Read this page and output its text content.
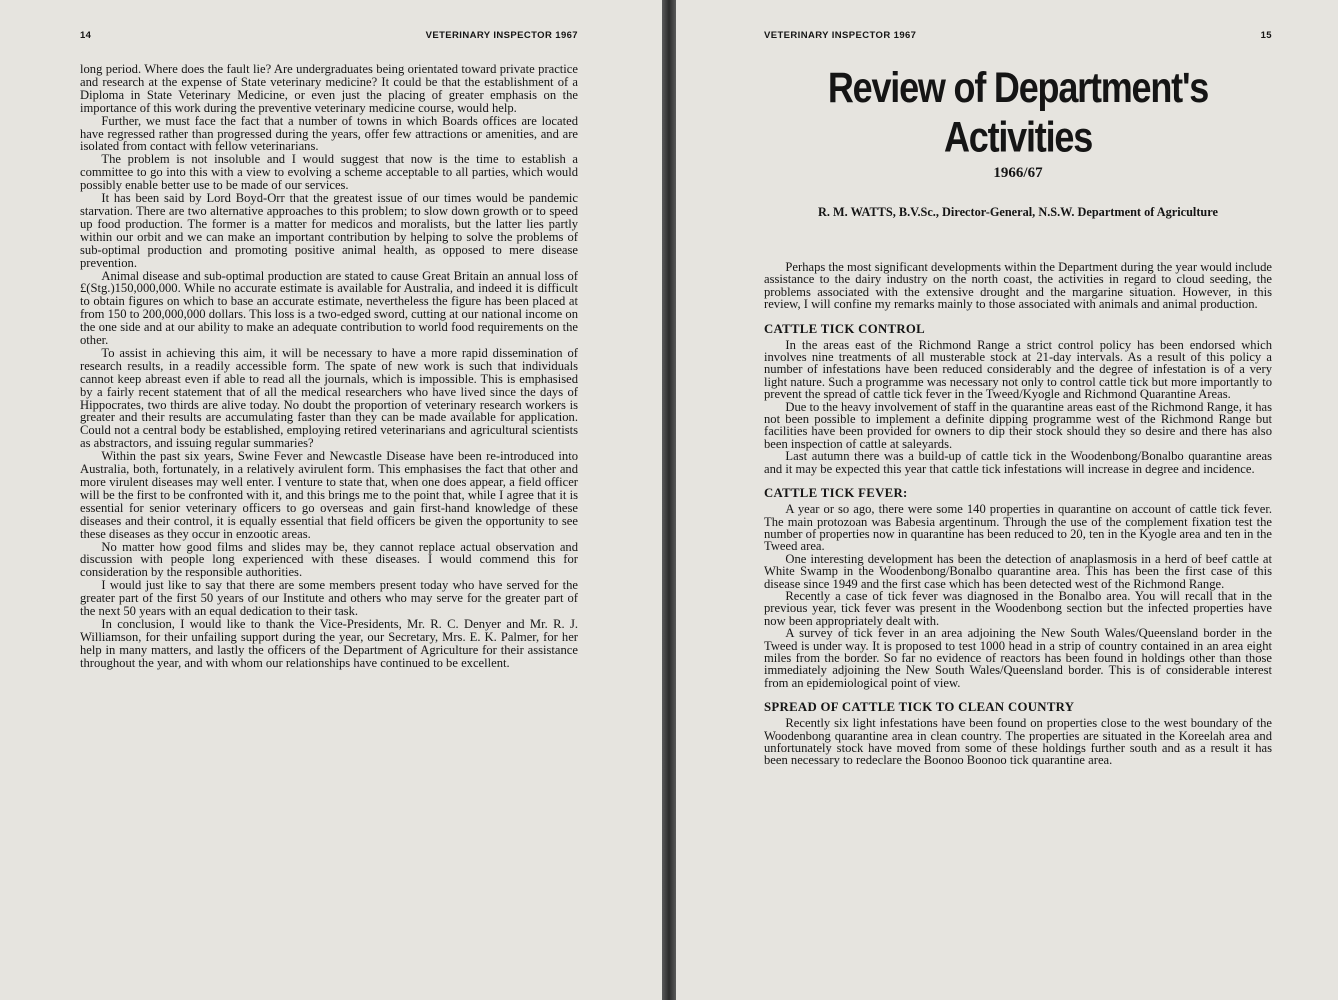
14	VETERINARY INSPECTOR 1967

long period. Where does the fault lie? Are undergraduates being orientated toward private practice and research at the expense of State veterinary medicine? It could be that the establishment of a Diploma in State Veterinary Medicine, or even just the placing of greater emphasis on the importance of this work during the preventive veterinary medicine course, would help.

Further, we must face the fact that a number of towns in which Boards offices are located have regressed rather than progressed during the years, offer few attractions or amenities, and are isolated from contact with fellow veterinarians.

The problem is not insoluble and I would suggest that now is the time to establish a committee to go into this with a view to evolving a scheme acceptable to all parties, which would possibly enable better use to be made of our services.

It has been said by Lord Boyd-Orr that the greatest issue of our times would be pandemic starvation. There are two alternative approaches to this problem; to slow down growth or to speed up food production. The former is a matter for medicos and moralists, but the latter lies partly within our orbit and we can make an important contribution by helping to solve the problems of sub-optimal production and promoting positive animal health, as opposed to mere disease prevention.

Animal disease and sub-optimal production are stated to cause Great Britain an annual loss of £(Stg.)150,000,000. While no accurate estimate is available for Australia, and indeed it is difficult to obtain figures on which to base an accurate estimate, nevertheless the figure has been placed at from 150 to 200,000,000 dollars. This loss is a two-edged sword, cutting at our national income on the one side and at our ability to make an adequate contribution to world food requirements on the other.

To assist in achieving this aim, it will be necessary to have a more rapid dissemination of research results, in a readily accessible form. The spate of new work is such that individuals cannot keep abreast even if able to read all the journals, which is impossible. This is emphasised by a fairly recent statement that of all the medical researchers who have lived since the days of Hippocrates, two thirds are alive today. No doubt the proportion of veterinary research workers is greater and their results are accumulating faster than they can be made available for application. Could not a central body be established, employing retired veterinarians and agricultural scientists as abstractors, and issuing regular summaries?

Within the past six years, Swine Fever and Newcastle Disease have been re-introduced into Australia, both, fortunately, in a relatively avirulent form. This emphasises the fact that other and more virulent diseases may well enter. I venture to state that, when one does appear, a field officer will be the first to be confronted with it, and this brings me to the point that, while I agree that it is essential for senior veterinary officers to go overseas and gain first-hand knowledge of these diseases and their control, it is equally essential that field officers be given the opportunity to see these diseases as they occur in enzootic areas.

No matter how good films and slides may be, they cannot replace actual observation and discussion with people long experienced with these diseases. I would commend this for consideration by the responsible authorities.

I would just like to say that there are some members present today who have served for the greater part of the first 50 years of our Institute and others who may serve for the greater part of the next 50 years with an equal dedication to their task.

In conclusion, I would like to thank the Vice-Presidents, Mr. R. C. Denyer and Mr. R. J. Williamson, for their unfailing support during the year, our Secretary, Mrs. E. K. Palmer, for her help in many matters, and lastly the officers of the Department of Agriculture for their assistance throughout the year, and with whom our relationships have continued to be excellent.

VETERINARY INSPECTOR 1967	15
Review of Department's Activities
1966/67
R. M. WATTS, B.V.Sc., Director-General, N.S.W. Department of Agriculture

Perhaps the most significant developments within the Department during the year would include assistance to the dairy industry on the north coast, the activities in regard to cloud seeding, the problems associated with the extensive drought and the margarine situation. However, in this review, I will confine my remarks mainly to those associated with animals and animal production.

CATTLE TICK CONTROL

In the areas east of the Richmond Range a strict control policy has been endorsed which involves nine treatments of all musterable stock at 21-day intervals. As a result of this policy a number of infestations have been reduced considerably and the degree of infestation is of a very light nature. Such a programme was necessary not only to control cattle tick but more importantly to prevent the spread of cattle tick fever in the Tweed/Kyogle and Richmond Quarantine Areas.

Due to the heavy involvement of staff in the quarantine areas east of the Richmond Range, it has not been possible to implement a definite dipping programme west of the Richmond Range but facilities have been provided for owners to dip their stock should they so desire and there has also been inspection of cattle at saleyards.

Last autumn there was a build-up of cattle tick in the Woodenbong/Bonalbo quarantine areas and it may be expected this year that cattle tick infestations will increase in degree and incidence.

CATTLE TICK FEVER:

A year or so ago, there were some 140 properties in quarantine on account of cattle tick fever. The main protozoan was Babesia argentinum. Through the use of the complement fixation test the number of properties now in quarantine has been reduced to 20, ten in the Kyogle area and ten in the Tweed area.

One interesting development has been the detection of anaplasmosis in a herd of beef cattle at White Swamp in the Woodenbong/Bonalbo quarantine area. This has been the first case of this disease since 1949 and the first case which has been detected west of the Richmond Range.

Recently a case of tick fever was diagnosed in the Bonalbo area. You will recall that in the previous year, tick fever was present in the Woodenbong section but the infected properties have now been appropriately dealt with.

A survey of tick fever in an area adjoining the New South Wales/Queensland border in the Tweed is under way. It is proposed to test 1000 head in a strip of country contained in an area eight miles from the border. So far no evidence of reactors has been found in holdings other than those immediately adjoining the New South Wales/Queensland border. This is of considerable interest from an epidemiological point of view.

SPREAD OF CATTLE TICK TO CLEAN COUNTRY

Recently six light infestations have been found on properties close to the west boundary of the Woodenbong quarantine area in clean country. The properties are situated in the Koreelah area and unfortunately stock have moved from some of these holdings further south and as a result it has been necessary to redeclare the Boonoo Boonoo tick quarantine area.
